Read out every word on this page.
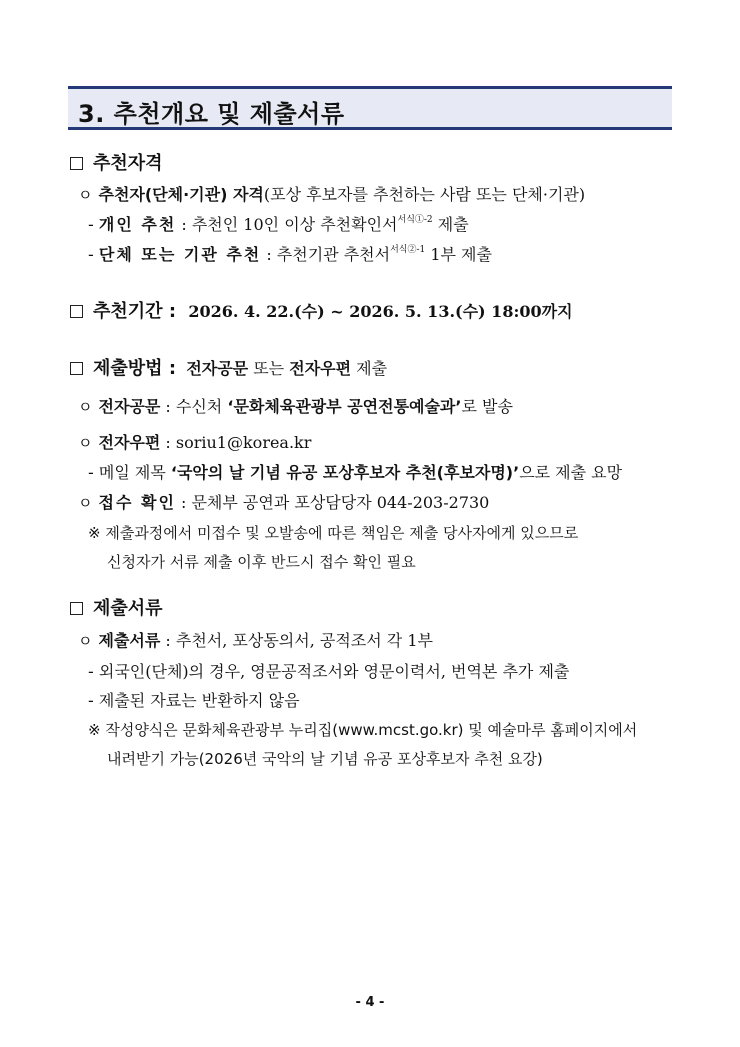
3. 추천개요 및 제출서류
추천자격
ㅇ 추천자(단체·기관) 자격(포상 후보자를 추천하는 사람 또는 단체·기관)
- 개인 추천 : 추천인 10인 이상 추천확인서$^{서식①-2}$ 제출
- 단체 또는 기관 추천 : 추천기관 추천서$^{서식②-1}$ 1부 제출
추천기간 : 2026. 4. 22.(수) ~ 2026. 5. 13.(수) 18:00까지
제출방법 : 전자공문 또는 전자우편 제출
ㅇ 전자공문 : 수신처 ‘문화체육관광부 공연전통예술과’로 발송
ㅇ 전자우편 : soriu1@korea.kr
- 메일 제목 ‘국악의 날 기념 유공 포상후보자 추천(후보자명)’으로 제출 요망
ㅇ 접수 확인 : 문체부 공연과 포상담당자 044-203-2730
※ 제출과정에서 미접수 및 오발송에 따른 책임은 제출 당사자에게 있으므로
신청자가 서류 제출 이후 반드시 접수 확인 필요
제출서류
ㅇ 제출서류 : 추천서, 포상동의서, 공적조서 각 1부
- 외국인(단체)의 경우, 영문공적조서와 영문이력서, 번역본 추가 제출
- 제출된 자료는 반환하지 않음
※ 작성양식은 문화체육관광부 누리집(www.mcst.go.kr) 및 예술마루 홈페이지에서
내려받기 가능(2026년 국악의 날 기념 유공 포상후보자 추천 요강)
- 4 -
